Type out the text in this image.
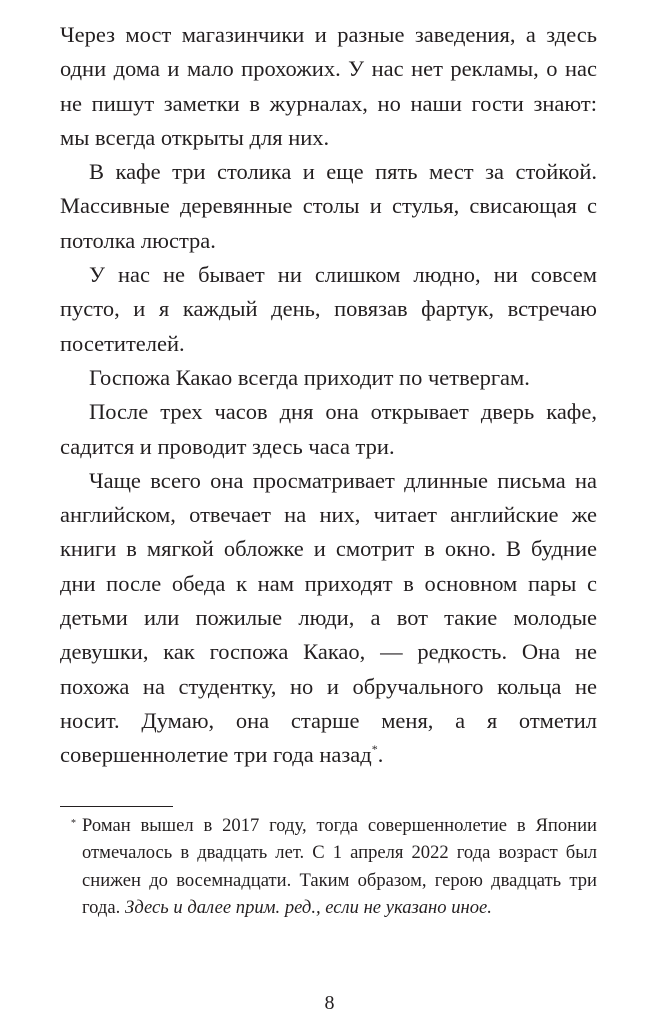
Через мост магазинчики и разные заведения, а здесь одни дома и мало прохожих. У нас нет рекламы, о нас не пишут заметки в журналах, но наши гости знают: мы всегда открыты для них.

В кафе три столика и еще пять мест за стойкой. Массивные деревянные столы и стулья, свисающая с потолка люстра.

У нас не бывает ни слишком людно, ни совсем пусто, и я каждый день, повязав фартук, встречаю посетителей.

Госпожа Какао всегда приходит по четвергам.

После трех часов дня она открывает дверь кафе, садится и проводит здесь часа три.

Чаще всего она просматривает длинные письма на английском, отвечает на них, читает английские же книги в мягкой обложке и смотрит в окно. В будние дни после обеда к нам приходят в основном пары с детьми или пожилые люди, а вот такие молодые девушки, как госпожа Какао, — редкость. Она не похожа на студентку, но и обручального кольца не носит. Думаю, она старше меня, а я отметил совершеннолетие три года назад*.

* Роман вышел в 2017 году, тогда совершеннолетие в Японии отмечалось в двадцать лет. С 1 апреля 2022 года возраст был снижен до восемнадцати. Таким образом, герою двадцать три года. Здесь и далее прим. ред., если не указано иное.

8
